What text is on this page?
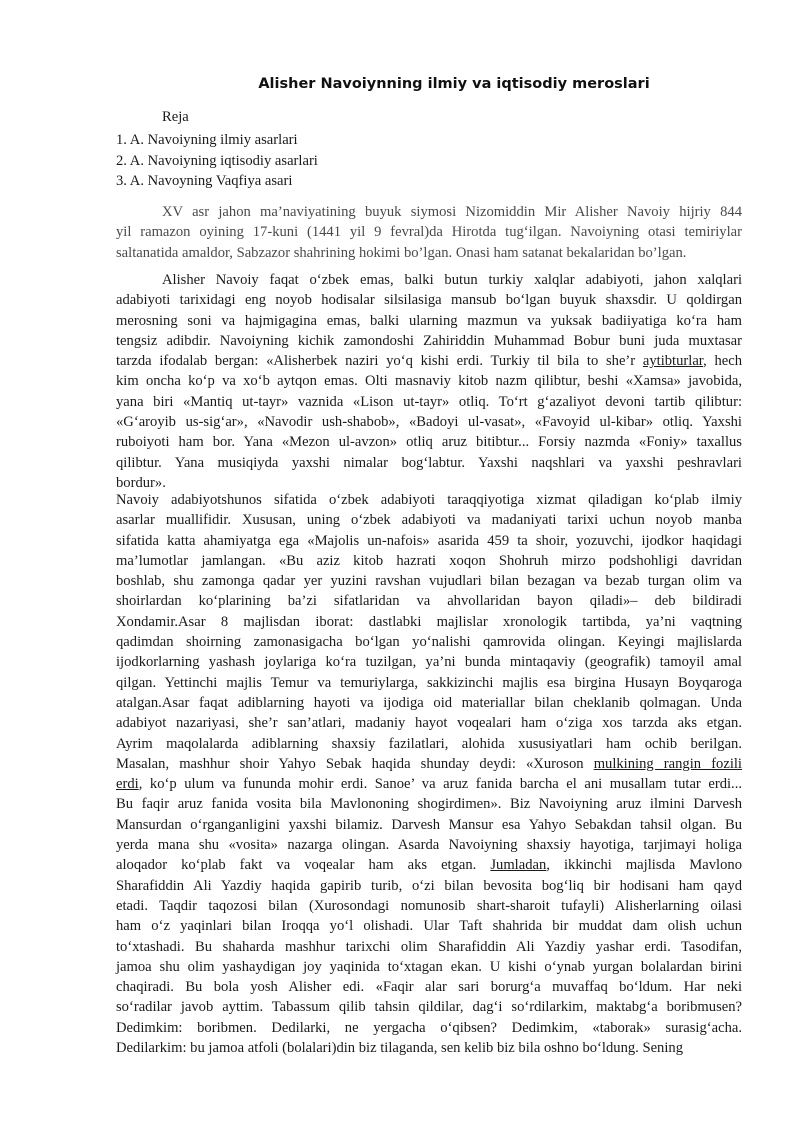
Alisher Navoiynning ilmiy va iqtisodiy meroslari
Reja
1. A. Navoiyning ilmiy asarlari
2. A. Navoiyning iqtisodiy asarlari
3. A. Navoyning Vaqfiya asari
XV asr jahon ma’naviyatining buyuk siymosi Nizomiddin Mir Alisher Navoiy hijriy 844
yil ramazon oyining 17-kuni (1441 yil 9 fevral)da Hirotda tug‘ilgan. Navoiyning otasi temiriylar
saltanatida amaldor, Sabzazor shahrining hokimi bo’lgan. Onasi ham satanat bekalaridan bo’lgan.
Alisher Navoiy faqat o‘zbek emas, balki butun turkiy xalqlar adabiyoti, jahon xalqlari
adabiyoti tarixidagi eng noyob hodisalar silsilasiga mansub bo‘lgan buyuk shaxsdir. U qoldirgan
merosning soni va hajmigagina emas, balki ularning mazmun va yuksak badiiyatiga ko‘ra ham
tengsiz adibdir. Navoiyning kichik zamondoshi Zahiriddin Muhammad Bobur buni juda muxtasar
tarzda ifodalab bergan: «Alisherbek naziri yo‘q kishi erdi. Turkiy til bila to she’r aytibturlar, hech
kim oncha ko‘p va xo‘b aytqon emas. Olti masnaviy kitob nazm qilibtur, beshi «Xamsa» javobida,
yana biri «Mantiq ut-tayr» vaznida «Lison ut-tayr» otliq. To‘rt g‘azaliyot devoni tartib qilibtur:
«G‘aroyib us-sig‘ar», «Navodir ush-shabob», «Badoyi ul-vasat», «Favoyid ul-kibar» otliq. Yaxshi
ruboiyoti ham bor. Yana «Mezon ul-avzon» otliq aruz bitibtur... Forsiy nazmda «Foniy» taxallus
qilibtur. Yana musiqiyda yaxshi nimalar bog‘labtur. Yaxshi naqshlari va yaxshi peshravlari
bordur».
Navoiy adabiyotshunos sifatida o‘zbek adabiyoti taraqqiyotiga xizmat qiladigan ko‘plab ilmiy
asarlar muallifidir. Xususan, uning o‘zbek adabiyoti va madaniyati tarixi uchun noyob manba
sifatida katta ahamiyatga ega «Majolis un-nafois» asarida 459 ta shoir, yozuvchi, ijodkor haqidagi
ma’lumotlar jamlangan. «Bu aziz kitob hazrati xoqon Shohruh mirzo podshohligi davridan
boshlab, shu zamonga qadar yer yuzini ravshan vujudlari bilan bezagan va bezab turgan olim va
shoirlardan ko‘plarining ba’zi sifatlaridan va ahvollaridan bayon qiladi»– deb bildiradi
Xondamir.Asar 8 majlisdan iborat: dastlabki majlislar xronologik tartibda, ya’ni vaqtning
qadimdan shoirning zamonasigacha bo‘lgan yo‘nalishi qamrovida olingan. Keyingi majlislarda
ijodkorlarning yashash joylariga ko‘ra tuzilgan, ya’ni bunda mintaqaviy (geografik) tamoyil amal
qilgan. Yettinchi majlis Temur va temuriylarga, sakkizinchi majlis esa birgina Husayn Boyqaroga
atalgan.Asar faqat adiblarning hayoti va ijodiga oid materiallar bilan cheklanib qolmagan. Unda
adabiyot nazariyasi, she’r san’atlari, madaniy hayot voqealari ham o‘ziga xos tarzda aks etgan.
Ayrim maqolalarda adiblarning shaxsiy fazilatlari, alohida xususiyatlari ham ochib berilgan.
Masalan, mashhur shoir Yahyo Sebak haqida shunday deydi: «Xuroson mulkining rangin fozili
erdi, ko‘p ulum va fununda mohir erdi. Sanoe’ va aruz fanida barcha el ani musallam tutar erdi...
Bu faqir aruz fanida vosita bila Mavlononing shogirdimen». Biz Navoiyning aruz ilmini Darvesh
Mansurdan o‘rganganligini yaxshi bilamiz. Darvesh Mansur esa Yahyo Sebakdan tahsil olgan. Bu
yerda mana shu «vosita» nazarga olingan. Asarda Navoiyning shaxsiy hayotiga, tarjimayi holiga
aloqador ko‘plab fakt va voqealar ham aks etgan. Jumladan, ikkinchi majlisda Mavlono
Sharafiddin Ali Yazdiy haqida gapirib turib, o‘zi bilan bevosita bog‘liq bir hodisani ham qayd
etadi. Taqdir taqozosi bilan (Xurosondagi nomunosib shart-sharoit tufayli) Alisherlarning oilasi
ham o‘z yaqinlari bilan Iroqqa yo‘l olishadi. Ular Taft shahrida bir muddat dam olish uchun
to‘xtashadi. Bu shaharda mashhur tarixchi olim Sharafiddin Ali Yazdiy yashar erdi. Tasodifan,
jamoa shu olim yashaydigan joy yaqinida to‘xtagan ekan. U kishi o‘ynab yurgan bolalardan birini
chaqiradi. Bu bola yosh Alisher edi. «Faqir alar sari borurg‘a muvaffaq bo‘ldum. Har neki
so‘radilar javob ayttim. Tabassum qilib tahsin qildilar, dag‘i so‘rdilarkim, maktabg‘a boribmusen?
Dedimkim: boribmen. Dedilarki, ne yergacha o‘qibsen? Dedimkim, «taborak» surasig‘acha.
Dedilarkim: bu jamoa atfoli (bolalari)din biz tilaganda, sen kelib biz bila oshno bo‘ldung. Sening
